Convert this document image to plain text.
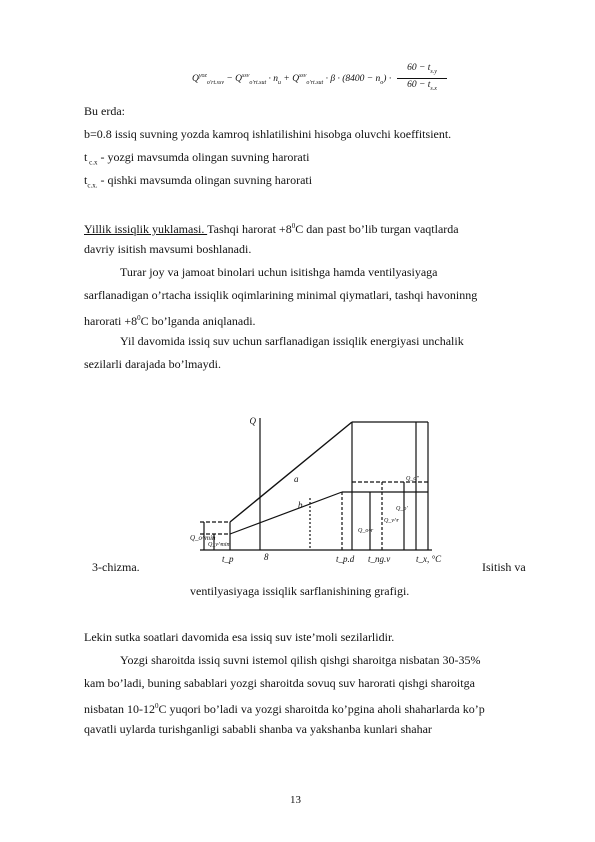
$Q^{yoz}_{o'rt.ssv} - Q^{ssv}_{o'rt.sut} \cdot n_u + Q^{ssv}_{o'rt.sut} \cdot \beta \cdot (8400 - n_o)$ ·
$60 - t_{s.y}$
$60 - t_{s.x}$
Bu erda:
b=0.8 issiq suvning yozda kamroq ishlatilishini hisobga oluvchi koeffitsient.
t $_{c.x}$ - yozgi mavsumda olingan suvning harorati
$t_{c.x.}$ - qishki mavsumda olingan suvning harorati
Yillik issiqlik yuklamasi. Tashqi harorat $+8^0C$ dan past bo’lib turgan vaqtlarda
davriy isitish mavsumi boshlanadi.
Turar joy va jamoat binolari uchun isitishga hamda ventilyasiyaga
sarflanadigan o’rtacha issiqlik oqimlarining minimal qiymatlari, tashqi havoninng
harorati $+8^0C$ bo’lganda aniqlanadi.
Yil davomida issiq suv uchun sarflanadigan issiqlik energiyasi unchalik
sezilarli darajada bo’lmaydi.
Q
a
b
t_p	8	t_p.d t_ng.v	t_x, °C
Q_o^min
Q_v^min
Q_o^r
Q_v^r
Q_o'
Q_o''
3-chizma.	Isitish va
ventilyasiyaga issiqlik sarflanishining grafigi.
Lekin sutka soatlari davomida esa issiq suv iste’moli sezilarlidir.
Yozgi sharoitda issiq suvni istemol qilish qishgi sharoitga nisbatan 30-35%
kam bo’ladi, buning sabablari yozgi sharoitda sovuq suv harorati qishgi sharoitga
nisbatan $10-12^0C$ yuqori bo’ladi va yozgi sharoitda ko’pgina aholi shaharlarda ko’p
qavatli uylarda turishganligi sababli shanba va yakshanba kunlari shahar
13
